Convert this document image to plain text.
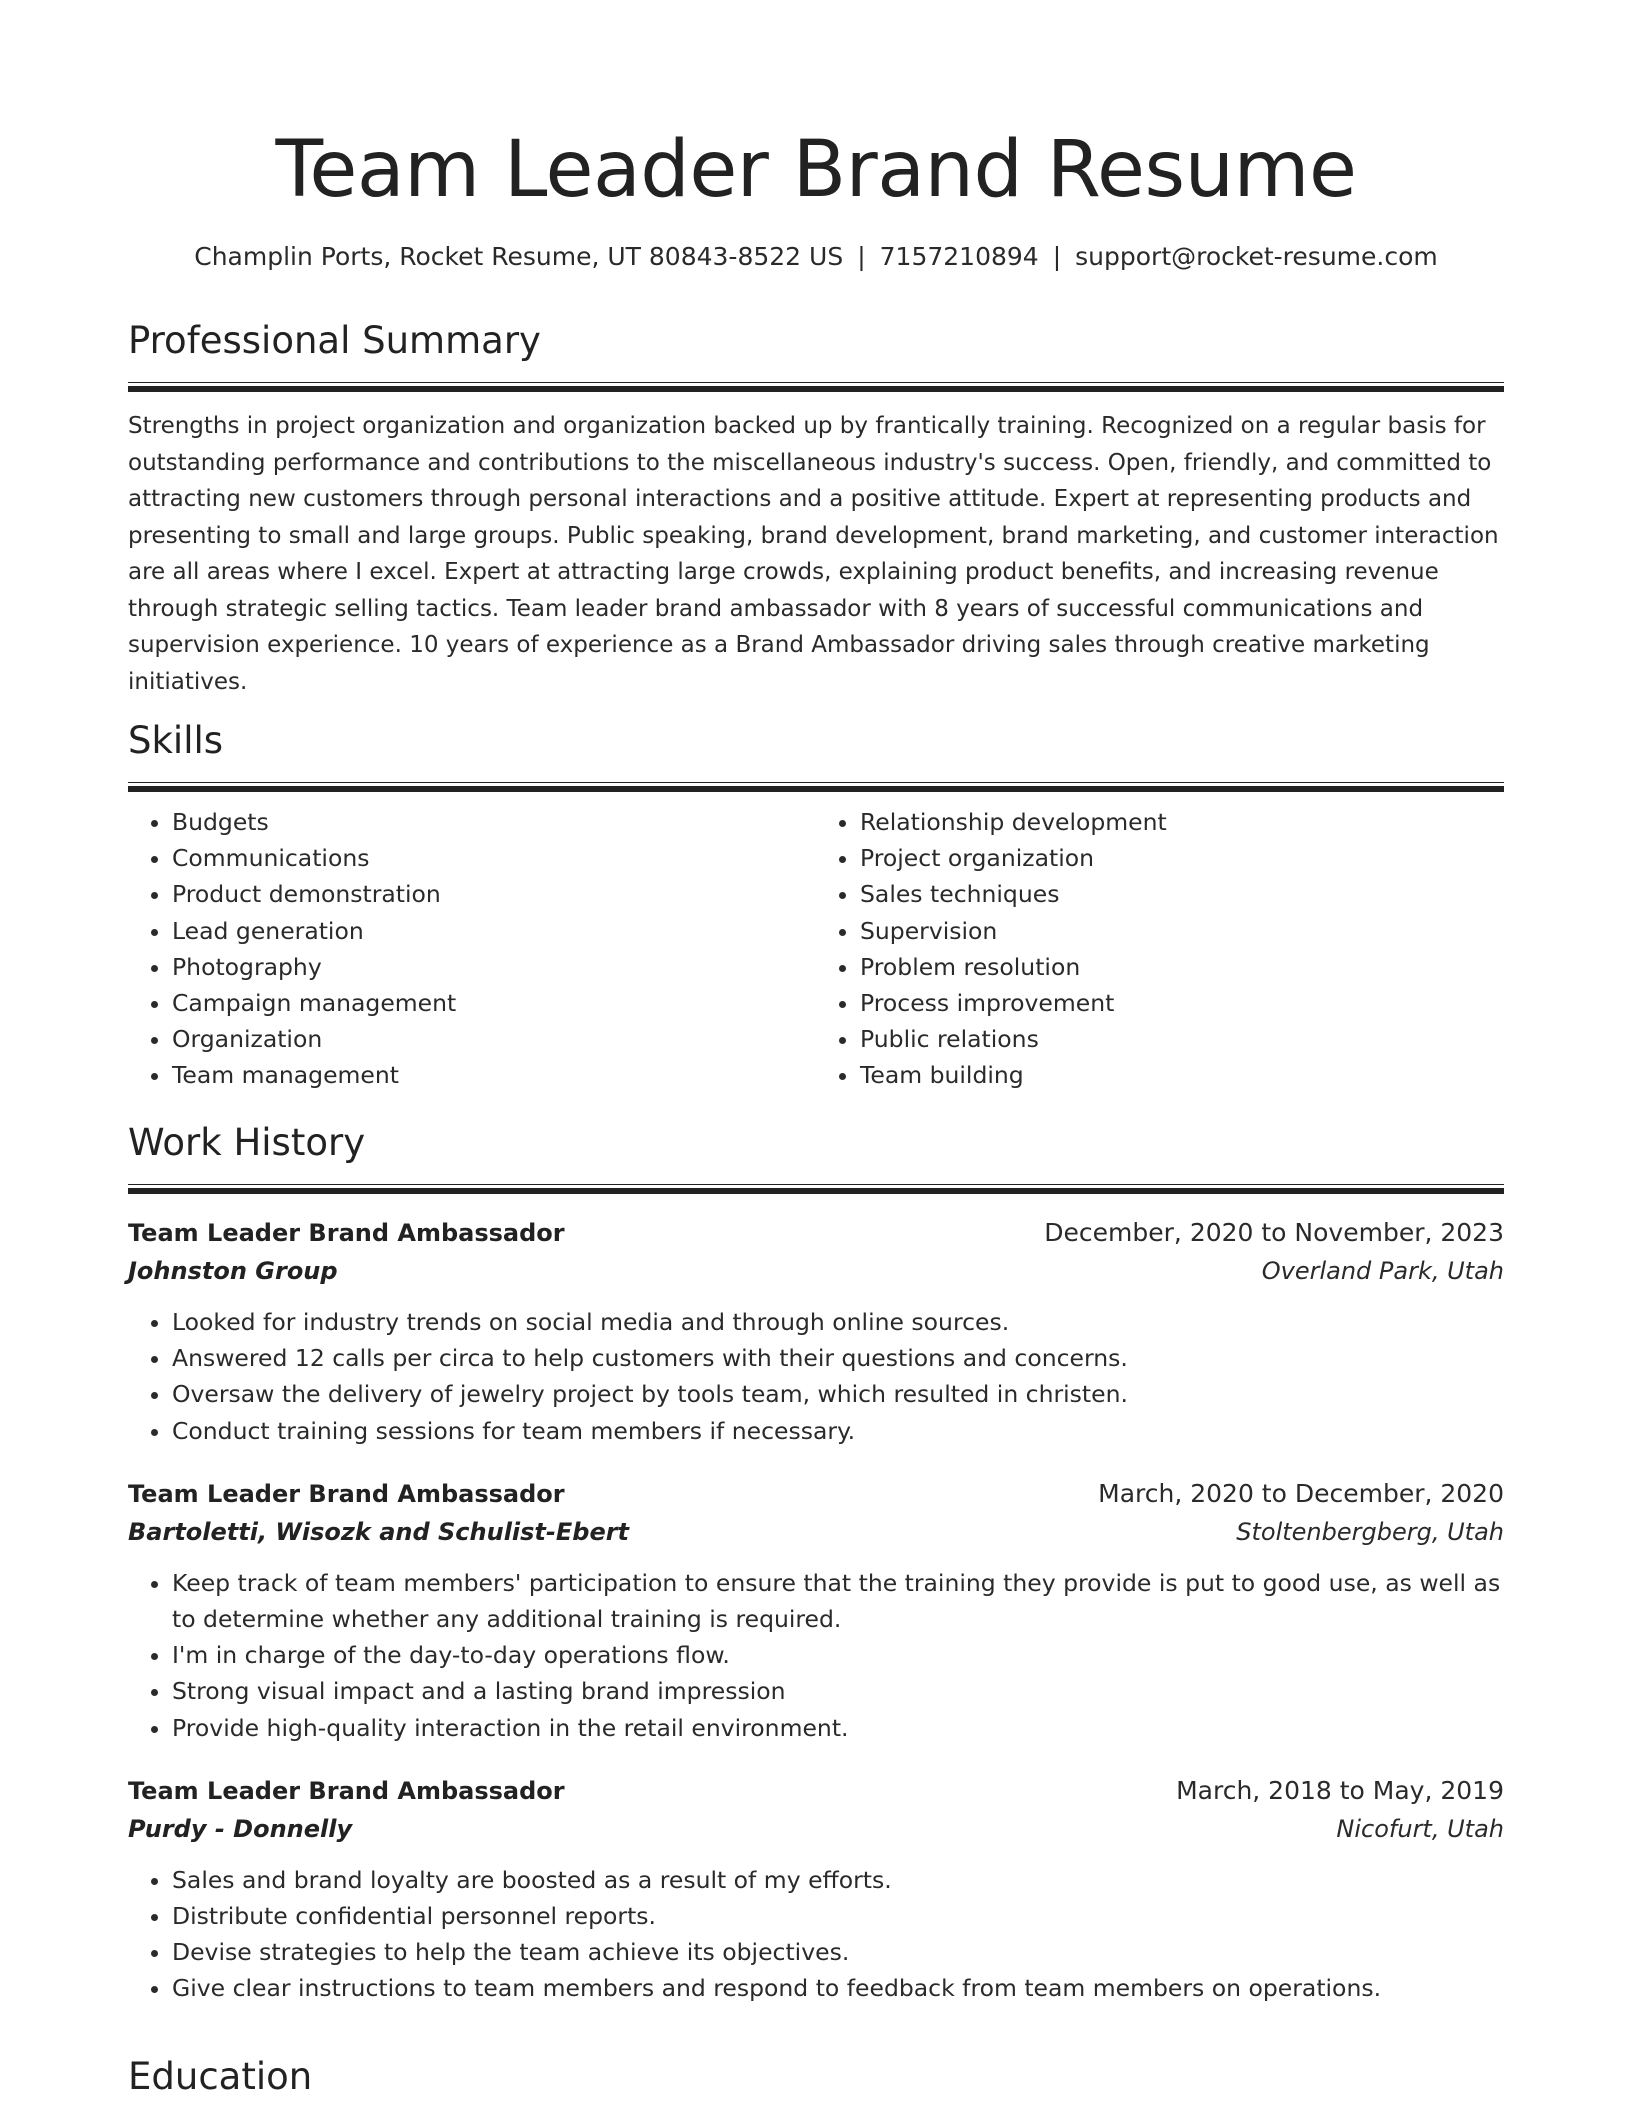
Team Leader Brand Resume
Champlin Ports, Rocket Resume, UT 80843-8522 US | 7157210894 | support@rocket-resume.com
Professional Summary
Strengths in project organization and organization backed up by frantically training. Recognized on a regular basis for outstanding performance and contributions to the miscellaneous industry's success. Open, friendly, and committed to attracting new customers through personal interactions and a positive attitude. Expert at representing products and presenting to small and large groups. Public speaking, brand development, brand marketing, and customer interaction are all areas where I excel. Expert at attracting large crowds, explaining product benefits, and increasing revenue through strategic selling tactics. Team leader brand ambassador with 8 years of successful communications and supervision experience. 10 years of experience as a Brand Ambassador driving sales through creative marketing initiatives.
Skills
• Budgets
• Communications
• Product demonstration
• Lead generation
• Photography
• Campaign management
• Organization
• Team management
• Relationship development
• Project organization
• Sales techniques
• Supervision
• Problem resolution
• Process improvement
• Public relations
• Team building
Work History
Team Leader Brand Ambassador	December, 2020 to November, 2023
Johnston Group	Overland Park, Utah
• Looked for industry trends on social media and through online sources.
• Answered 12 calls per circa to help customers with their questions and concerns.
• Oversaw the delivery of jewelry project by tools team, which resulted in christen.
• Conduct training sessions for team members if necessary.
Team Leader Brand Ambassador	March, 2020 to December, 2020
Bartoletti, Wisozk and Schulist-Ebert	Stoltenbergberg, Utah
• Keep track of team members' participation to ensure that the training they provide is put to good use, as well as to determine whether any additional training is required.
• I'm in charge of the day-to-day operations flow.
• Strong visual impact and a lasting brand impression
• Provide high-quality interaction in the retail environment.
Team Leader Brand Ambassador	March, 2018 to May, 2019
Purdy - Donnelly	Nicofurt, Utah
• Sales and brand loyalty are boosted as a result of my efforts.
• Distribute confidential personnel reports.
• Devise strategies to help the team achieve its objectives.
• Give clear instructions to team members and respond to feedback from team members on operations.
Education
